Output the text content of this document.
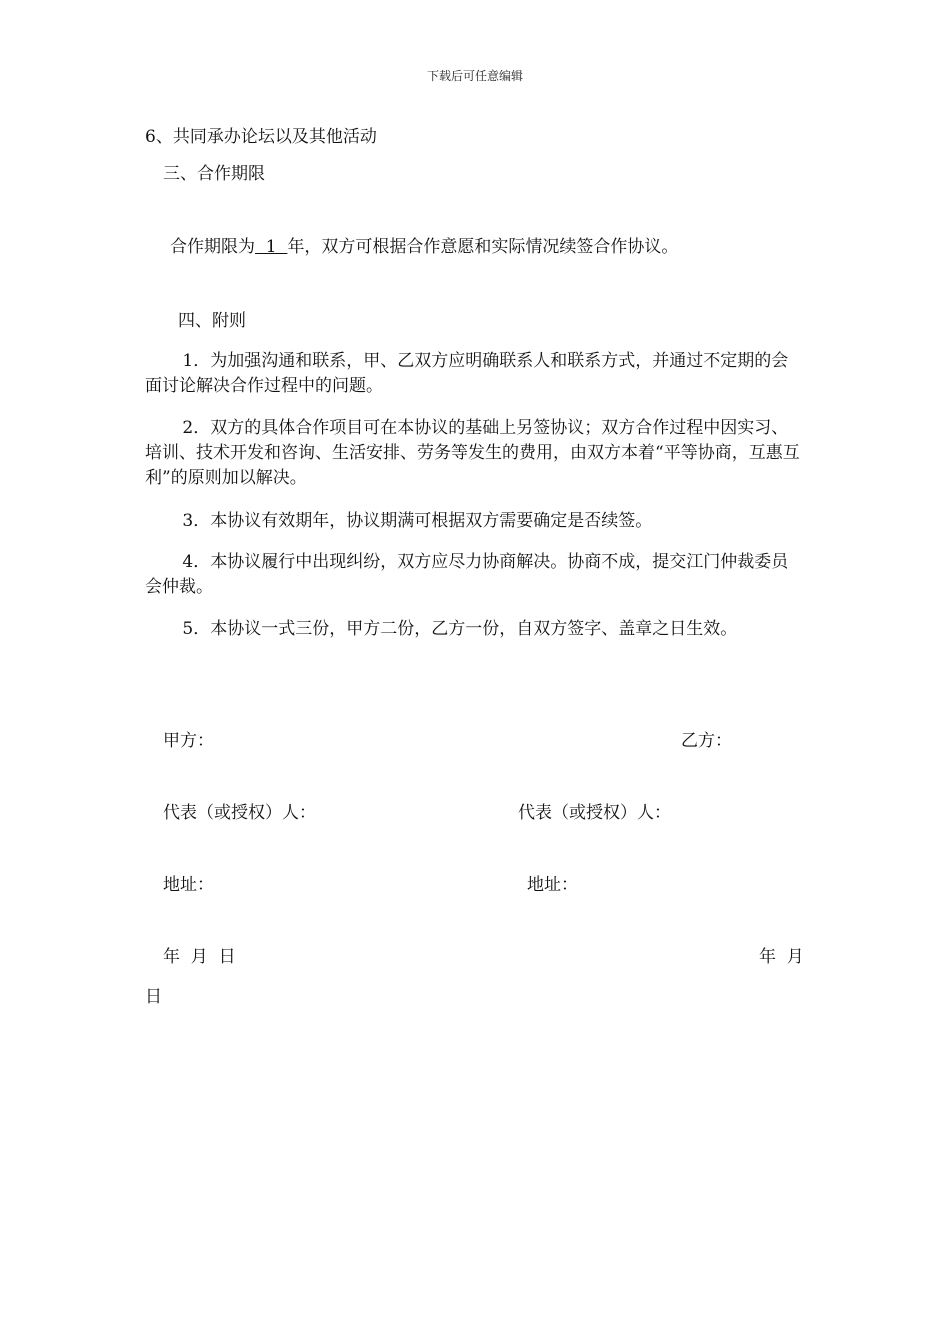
下载后可任意编辑
6、共同承办论坛以及其他活动
三、合作期限
合作期限为  1  年，双方可根据合作意愿和实际情况续签合作协议。
四、附则
1．为加强沟通和联系，甲、乙双方应明确联系人和联系方式，并通过不定期的会面讨论解决合作过程中的问题。
2．双方的具体合作项目可在本协议的基础上另签协议；双方合作过程中因实习、培训、技术开发和咨询、生活安排、劳务等发生的费用，由双方本着“平等协商，互惠互利”的原则加以解决。
3．本协议有效期年，协议期满可根据双方需要确定是否续签。
4．本协议履行中出现纠纷，双方应尽力协商解决。协商不成，提交江门仲裁委员会仲裁。
5．本协议一式三份，甲方二份，乙方一份，自双方签字、盖章之日生效。
甲方：	乙方：
代表（或授权）人：	代表（或授权）人：
地址：	地址：
年  月  日	年  月
日
